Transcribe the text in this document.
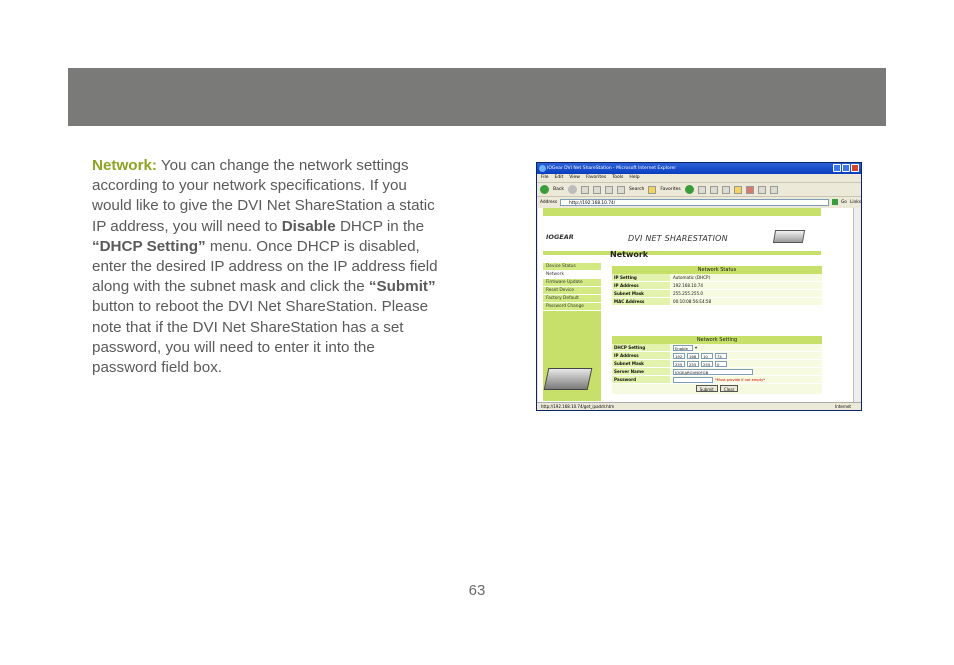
Network: You can change the network settings according to your network specifications. If you would like to give the DVI Net ShareStation a static IP address, you will need to Disable DHCP in the “DHCP Setting” menu. Once DHCP is disabled, enter the desired IP address on the IP address field along with the subnet mask and click the “Submit” button to reboot the DVI Net ShareStation. Please note that if the DVI Net ShareStation has a set password, you will need to enter it into the password field box.
IOGear DVI Net ShareStation - Microsoft Internet Explorer
File Edit View Favorites Tools Help
Back	Search	Favorites
Address	http://192.168.10.74/	Go Links
IOGEAR	DVI NET SHARESTATION
Network
Device Status
Network
Firmware Update
Reset Device
Factory Default
Password Change
Network Status
IP Setting	Automatic (DHCP)
IP Address	192.168.10.74
Subnet Mask	255.255.255.0
MAC Address	00:10:08:56:E4:58
Network Setting
DHCP Setting	Enable ▾
IP Address	192 168 10 74
Subnet Mask	255 255 255 0
Server Name	IOGEARGVN0FGB
Password	*Must provide if not empty*
Submit	Clear
http://192.168.10.74/get_ipaddr.htm	Internet
63
